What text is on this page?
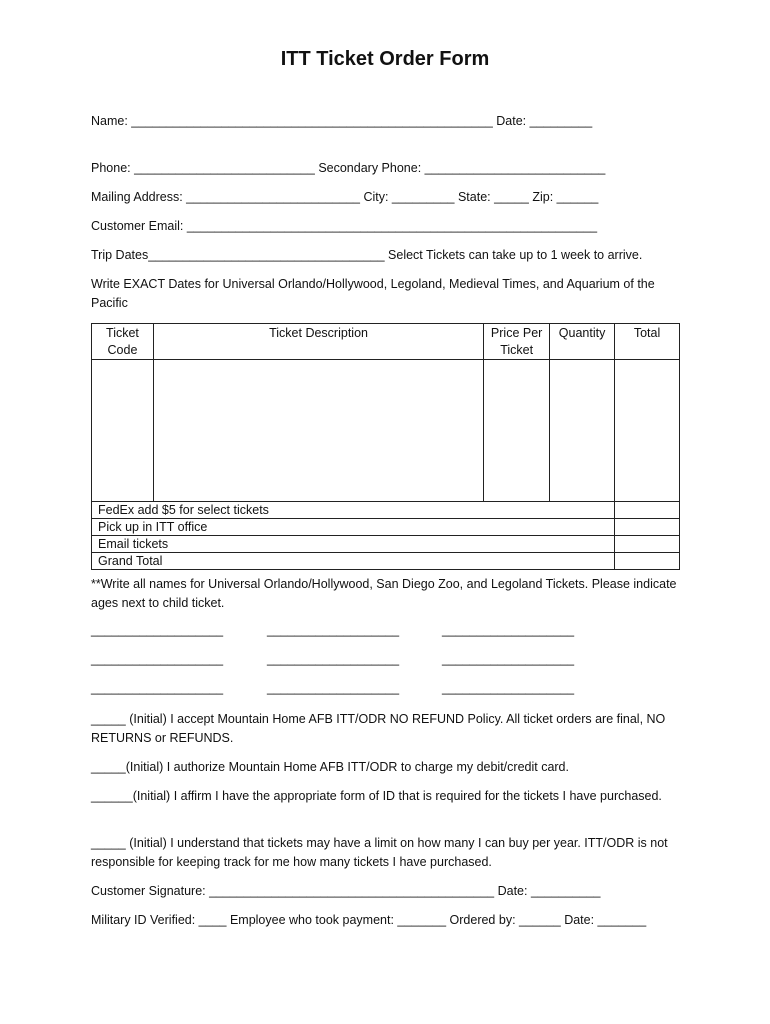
ITT Ticket Order Form
Name: ____________________________________________________ Date: _________
Phone: __________________________ Secondary Phone: __________________________
Mailing Address: _________________________ City: _________ State: _____ Zip: ______
Customer Email: ___________________________________________________________
Trip Dates__________________________________ Select Tickets can take up to 1 week to arrive.
Write EXACT Dates for Universal Orlando/Hollywood, Legoland, Medieval Times, and Aquarium of the Pacific
Ticket Code	Ticket Description	Price Per Ticket	Quantity	Total

FedEx add $5 for select tickets				
Pick up in ITT office				
Email tickets				
Grand Total				
**Write all names for Universal Orlando/Hollywood, San Diego Zoo, and Legoland Tickets. Please indicate ages next to child ticket.
___________________	___________________	___________________
___________________	___________________	___________________
___________________	___________________	___________________
_____ (Initial) I accept Mountain Home AFB ITT/ODR NO REFUND Policy. All ticket orders are final, NO RETURNS or REFUNDS.
_____(Initial) I authorize Mountain Home AFB ITT/ODR to charge my debit/credit card.
______(Initial) I affirm I have the appropriate form of ID that is required for the tickets I have purchased.
_____ (Initial) I understand that tickets may have a limit on how many I can buy per year. ITT/ODR is not responsible for keeping track for me how many tickets I have purchased.
Customer Signature: _________________________________________ Date: __________
Military ID Verified: ____ Employee who took payment: _______ Ordered by: ______ Date: _______
